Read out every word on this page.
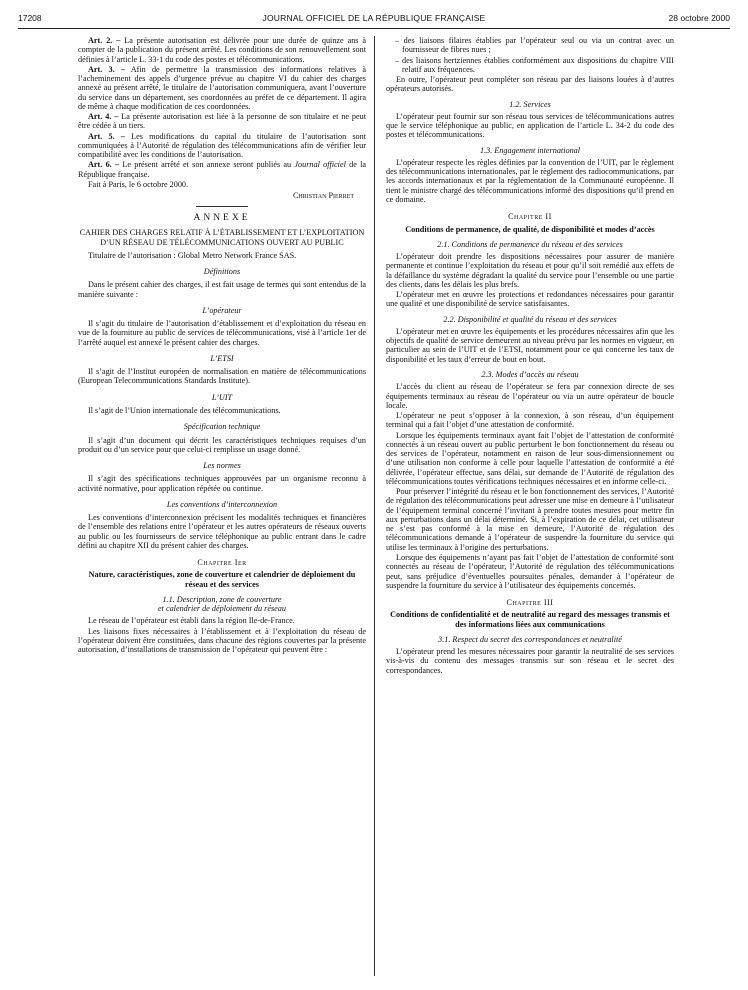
17208	JOURNAL OFFICIEL DE LA RÉPUBLIQUE FRANÇAISE	28 octobre 2000

Art. 2. – La présente autorisation est délivrée pour une durée de quinze ans à compter de la publication du présent arrêté. Les conditions de son renouvellement sont définies à l’article L. 33-1 du code des postes et télécommunications.

Art. 3. – Afin de permettre la transmission des informations relatives à l’acheminement des appels d’urgence prévue au chapitre VI du cahier des charges annexé au présent arrêté, le titulaire de l’autorisation communiquera, avant l’ouverture du service dans un département, ses coordonnées au préfet de ce département. Il agira de même à chaque modification de ces coordonnées.

Art. 4. – La présente autorisation est liée à la personne de son titulaire et ne peut être cédée à un tiers.

Art. 5. – Les modifications du capital du titulaire de l’autorisation sont communiquées à l’Autorité de régulation des télécommunications afin de vérifier leur compatibilité avec les conditions de l’autorisation.

Art. 6. – Le présent arrêté et son annexe seront publiés au Journal officiel de la République française.

Fait à Paris, le 6 octobre 2000.

Christian Pierret

ANNEXE

CAHIER DES CHARGES RELATIF À L’ÉTABLISSEMENT ET L’EXPLOITATION D’UN RÉSEAU DE TÉLÉCOMMUNICATIONS OUVERT AU PUBLIC

Titulaire de l’autorisation : Global Metro Network France SAS.

Définitions

Dans le présent cahier des charges, il est fait usage de termes qui sont entendus de la manière suivante :

L’opérateur

Il s’agit du titulaire de l’autorisation d’établissement et d’exploitation du réseau en vue de la fourniture au public de services de télécommunications, visé à l’article 1er de l’arrêté auquel est annexé le présent cahier des charges.

L’ETSI

Il s’agit de l’Institut européen de normalisation en matière de télécommunications (European Telecommunications Standards Institute).

L’UIT

Il s’agit de l’Union internationale des télécommunications.

Spécification technique

Il s’agit d’un document qui décrit les caractéristiques techniques requises d’un produit ou d’un service pour que celui-ci remplisse un usage donné.

Les normes

Il s’agit des spécifications techniques approuvées par un organisme reconnu à activité normative, pour application répétée ou continue.

Les conventions d’interconnexion

Les conventions d’interconnexion précisent les modalités techniques et financières de l’ensemble des relations entre l’opérateur et les autres opérateurs de réseaux ouverts au public ou les fournisseurs de service téléphonique au public entrant dans le cadre défini au chapitre XII du présent cahier des charges.

Chapitre Ier

Nature, caractéristiques, zone de couverture et calendrier de déploiement du réseau et des services

1.1. Description, zone de couverture

et calendrier de déploiement du réseau

Le réseau de l’opérateur est établi dans la région Ile-de-France.

Les liaisons fixes nécessaires à l’établissement et à l’exploitation du réseau de l’opérateur doivent être constituées, dans chacune des régions couvertes par la présente autorisation, d’installations de transmission de l’opérateur qui peuvent être :

– des liaisons filaires établies par l’opérateur seul ou via un contrat avec un fournisseur de fibres nues ;

– des liaisons hertziennes établies conformément aux dispositions du chapitre VIII relatif aux fréquences.

En outre, l’opérateur peut compléter son réseau par des liaisons louées à d’autres opérateurs autorisés.

1.2. Services

L’opérateur peut fournir sur son réseau tous services de télécommunications autres que le service téléphonique au public, en application de l’article L. 34-2 du code des postes et télécommunications.

1.3. Engagement international

L’opérateur respecte les règles définies par la convention de l’UIT, par le règlement des télécommunications internationales, par le règlement des radiocommunications, par les accords internationaux et par la réglementation de la Communauté européenne. Il tient le ministre chargé des télécommunications informé des dispositions qu’il prend en ce domaine.

Chapitre II

Conditions de permanence, de qualité, de disponibilité et modes d’accès

2.1. Conditions de permanence du réseau et des services

L’opérateur doit prendre les dispositions nécessaires pour assurer de manière permanente et continue l’exploitation du réseau et pour qu’il soit remédié aux effets de la défaillance du système dégradant la qualité du service pour l’ensemble ou une partie des clients, dans les délais les plus brefs.

L’opérateur met en œuvre les protections et redondances nécessaires pour garantir une qualité et une disponibilité de service satisfaisantes.

2.2. Disponibilité et qualité du réseau et des services

L’opérateur met en œuvre les équipements et les procédures nécessaires afin que les objectifs de qualité de service demeurent au niveau prévu par les normes en vigueur, en particulier au sein de l’UIT et de l’ETSI, notamment pour ce qui concerne les taux de disponibilité et les taux d’erreur de bout en bout.

2.3. Modes d’accès au réseau

L’accès du client au réseau de l’opérateur se fera par connexion directe de ses équipements terminaux au réseau de l’opérateur ou via un autre opérateur de boucle locale.

L’opérateur ne peut s’opposer à la connexion, à son réseau, d’un équipement terminal qui a fait l’objet d’une attestation de conformité.

Lorsque les équipements terminaux ayant fait l’objet de l’attestation de conformité connectés à un réseau ouvert au public perturbent le bon fonctionnement du réseau ou des services de l’opérateur, notamment en raison de leur sous-dimensionnement ou d’une utilisation non conforme à celle pour laquelle l’attestation de conformité a été délivrée, l’opérateur effectue, sans délai, sur demande de l’Autorité de régulation des télécommunications toutes vérifications techniques nécessaires et en informe celle-ci.

Pour préserver l’intégrité du réseau et le bon fonctionnement des services, l’Autorité de régulation des télécommunications peut adresser une mise en demeure à l’utilisateur de l’équipement terminal concerné l’invitant à prendre toutes mesures pour mettre fin aux perturbations dans un délai déterminé. Si, à l’expiration de ce délai, cet utilisateur ne s’est pas conformé à la mise en demeure, l’Autorité de régulation des télécommunications demande à l’opérateur de suspendre la fourniture du service qui utilise les terminaux à l’origine des perturbations.

Lorsque des équipements n’ayant pas fait l’objet de l’attestation de conformité sont connectés au réseau de l’opérateur, l’Autorité de régulation des télécommunications peut, sans préjudice d’éventuelles poursuites pénales, demander à l’opérateur de suspendre la fourniture du service à l’utilisateur des équipements concernés.

Chapitre III

Conditions de confidentialité et de neutralité au regard des messages transmis et des informations liées aux communications

3.1. Respect du secret des correspondances et neutralité

L’opérateur prend les mesures nécessaires pour garantir la neutralité de ses services vis-à-vis du contenu des messages transmis sur son réseau et le secret des correspondances.
